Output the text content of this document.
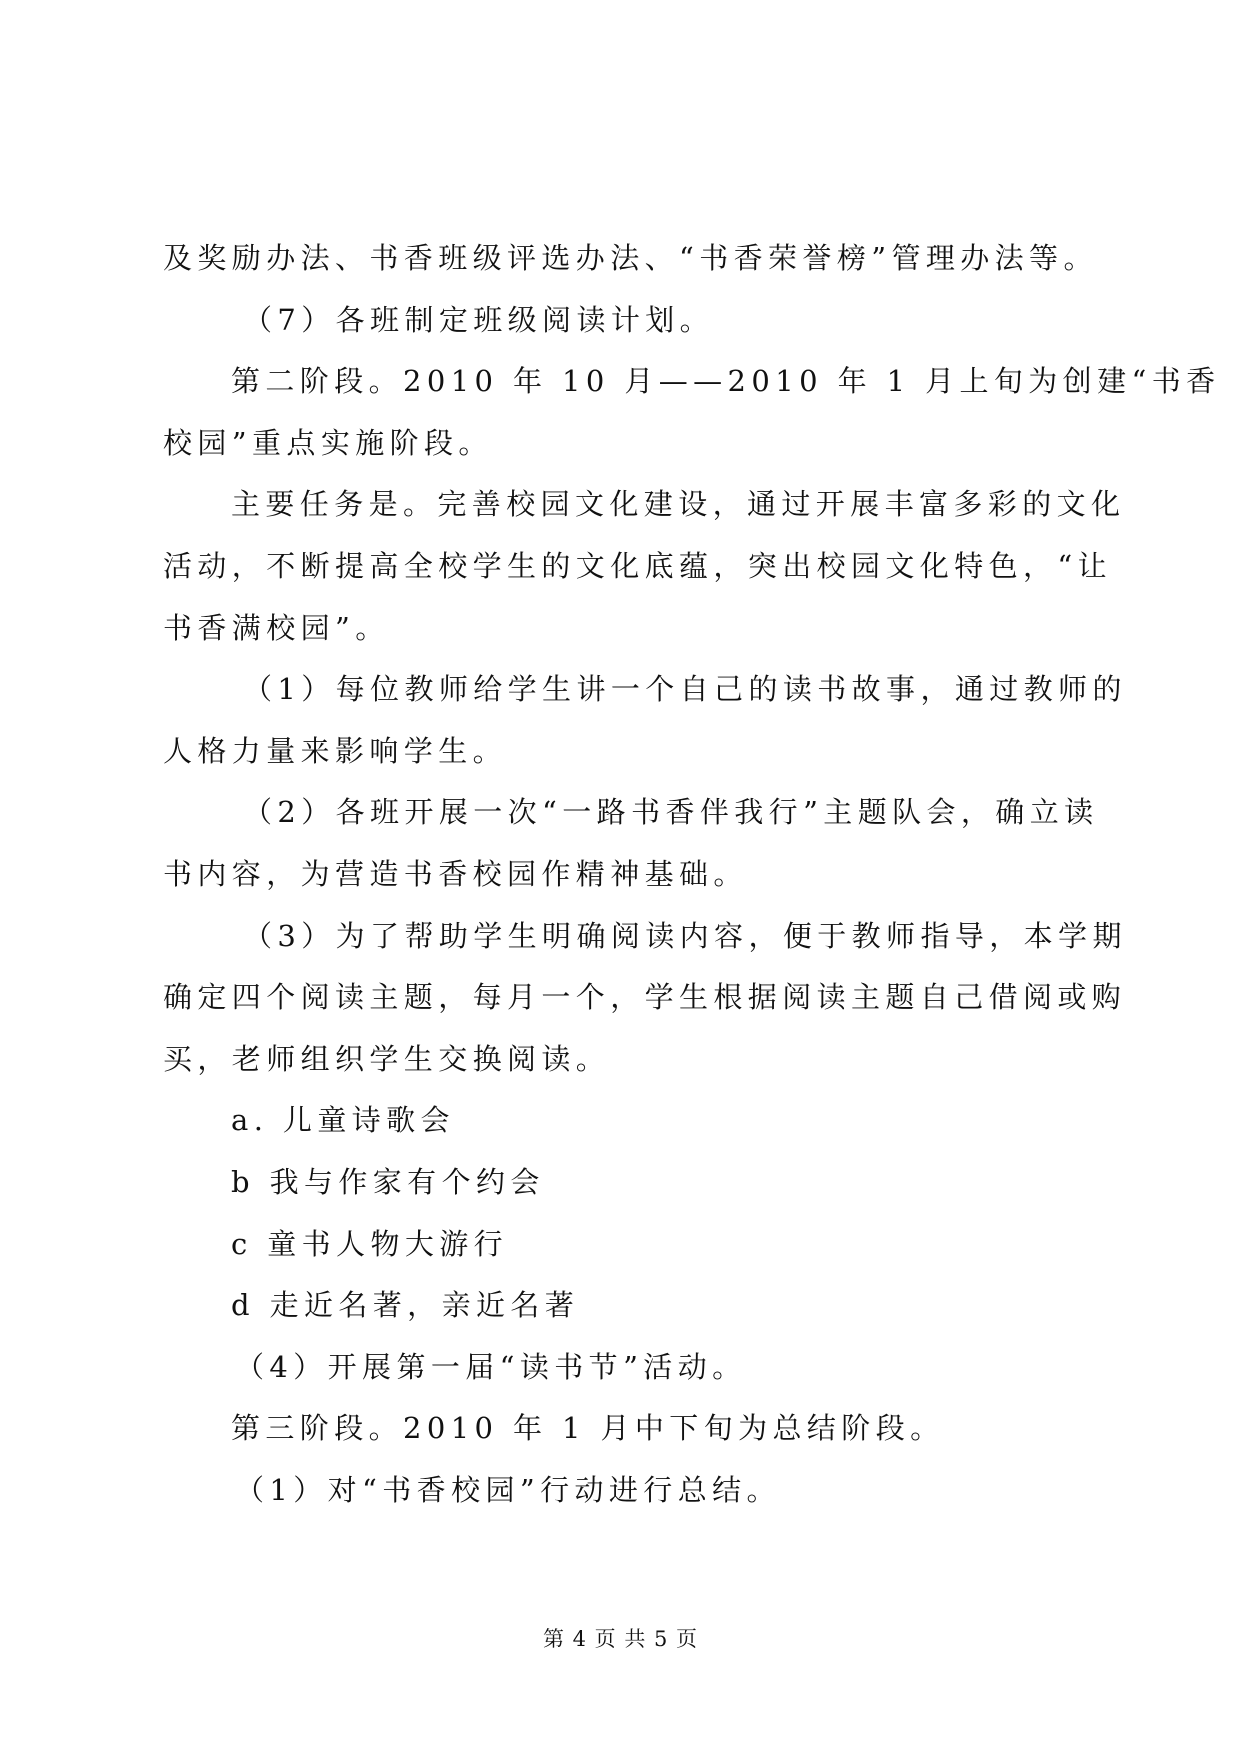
及奖励办法、书香班级评选办法、“书香荣誉榜”管理办法等。
（7）各班制定班级阅读计划。
第二阶段。2010 年 10 月——2010 年 1 月上旬为创建“书香
校园”重点实施阶段。
主要任务是。完善校园文化建设，通过开展丰富多彩的文化
活动，不断提高全校学生的文化底蕴，突出校园文化特色，“让
书香满校园”。
（1）每位教师给学生讲一个自己的读书故事，通过教师的
人格力量来影响学生。
（2）各班开展一次“一路书香伴我行”主题队会，确立读
书内容，为营造书香校园作精神基础。
（3）为了帮助学生明确阅读内容，便于教师指导，本学期
确定四个阅读主题，每月一个，学生根据阅读主题自己借阅或购
买，老师组织学生交换阅读。
a. 儿童诗歌会
b 我与作家有个约会
c 童书人物大游行
d 走近名著，亲近名著
（4）开展第一届“读书节”活动。
第三阶段。2010 年 1 月中下旬为总结阶段。
（1）对“书香校园”行动进行总结。
第 4 页 共 5 页
